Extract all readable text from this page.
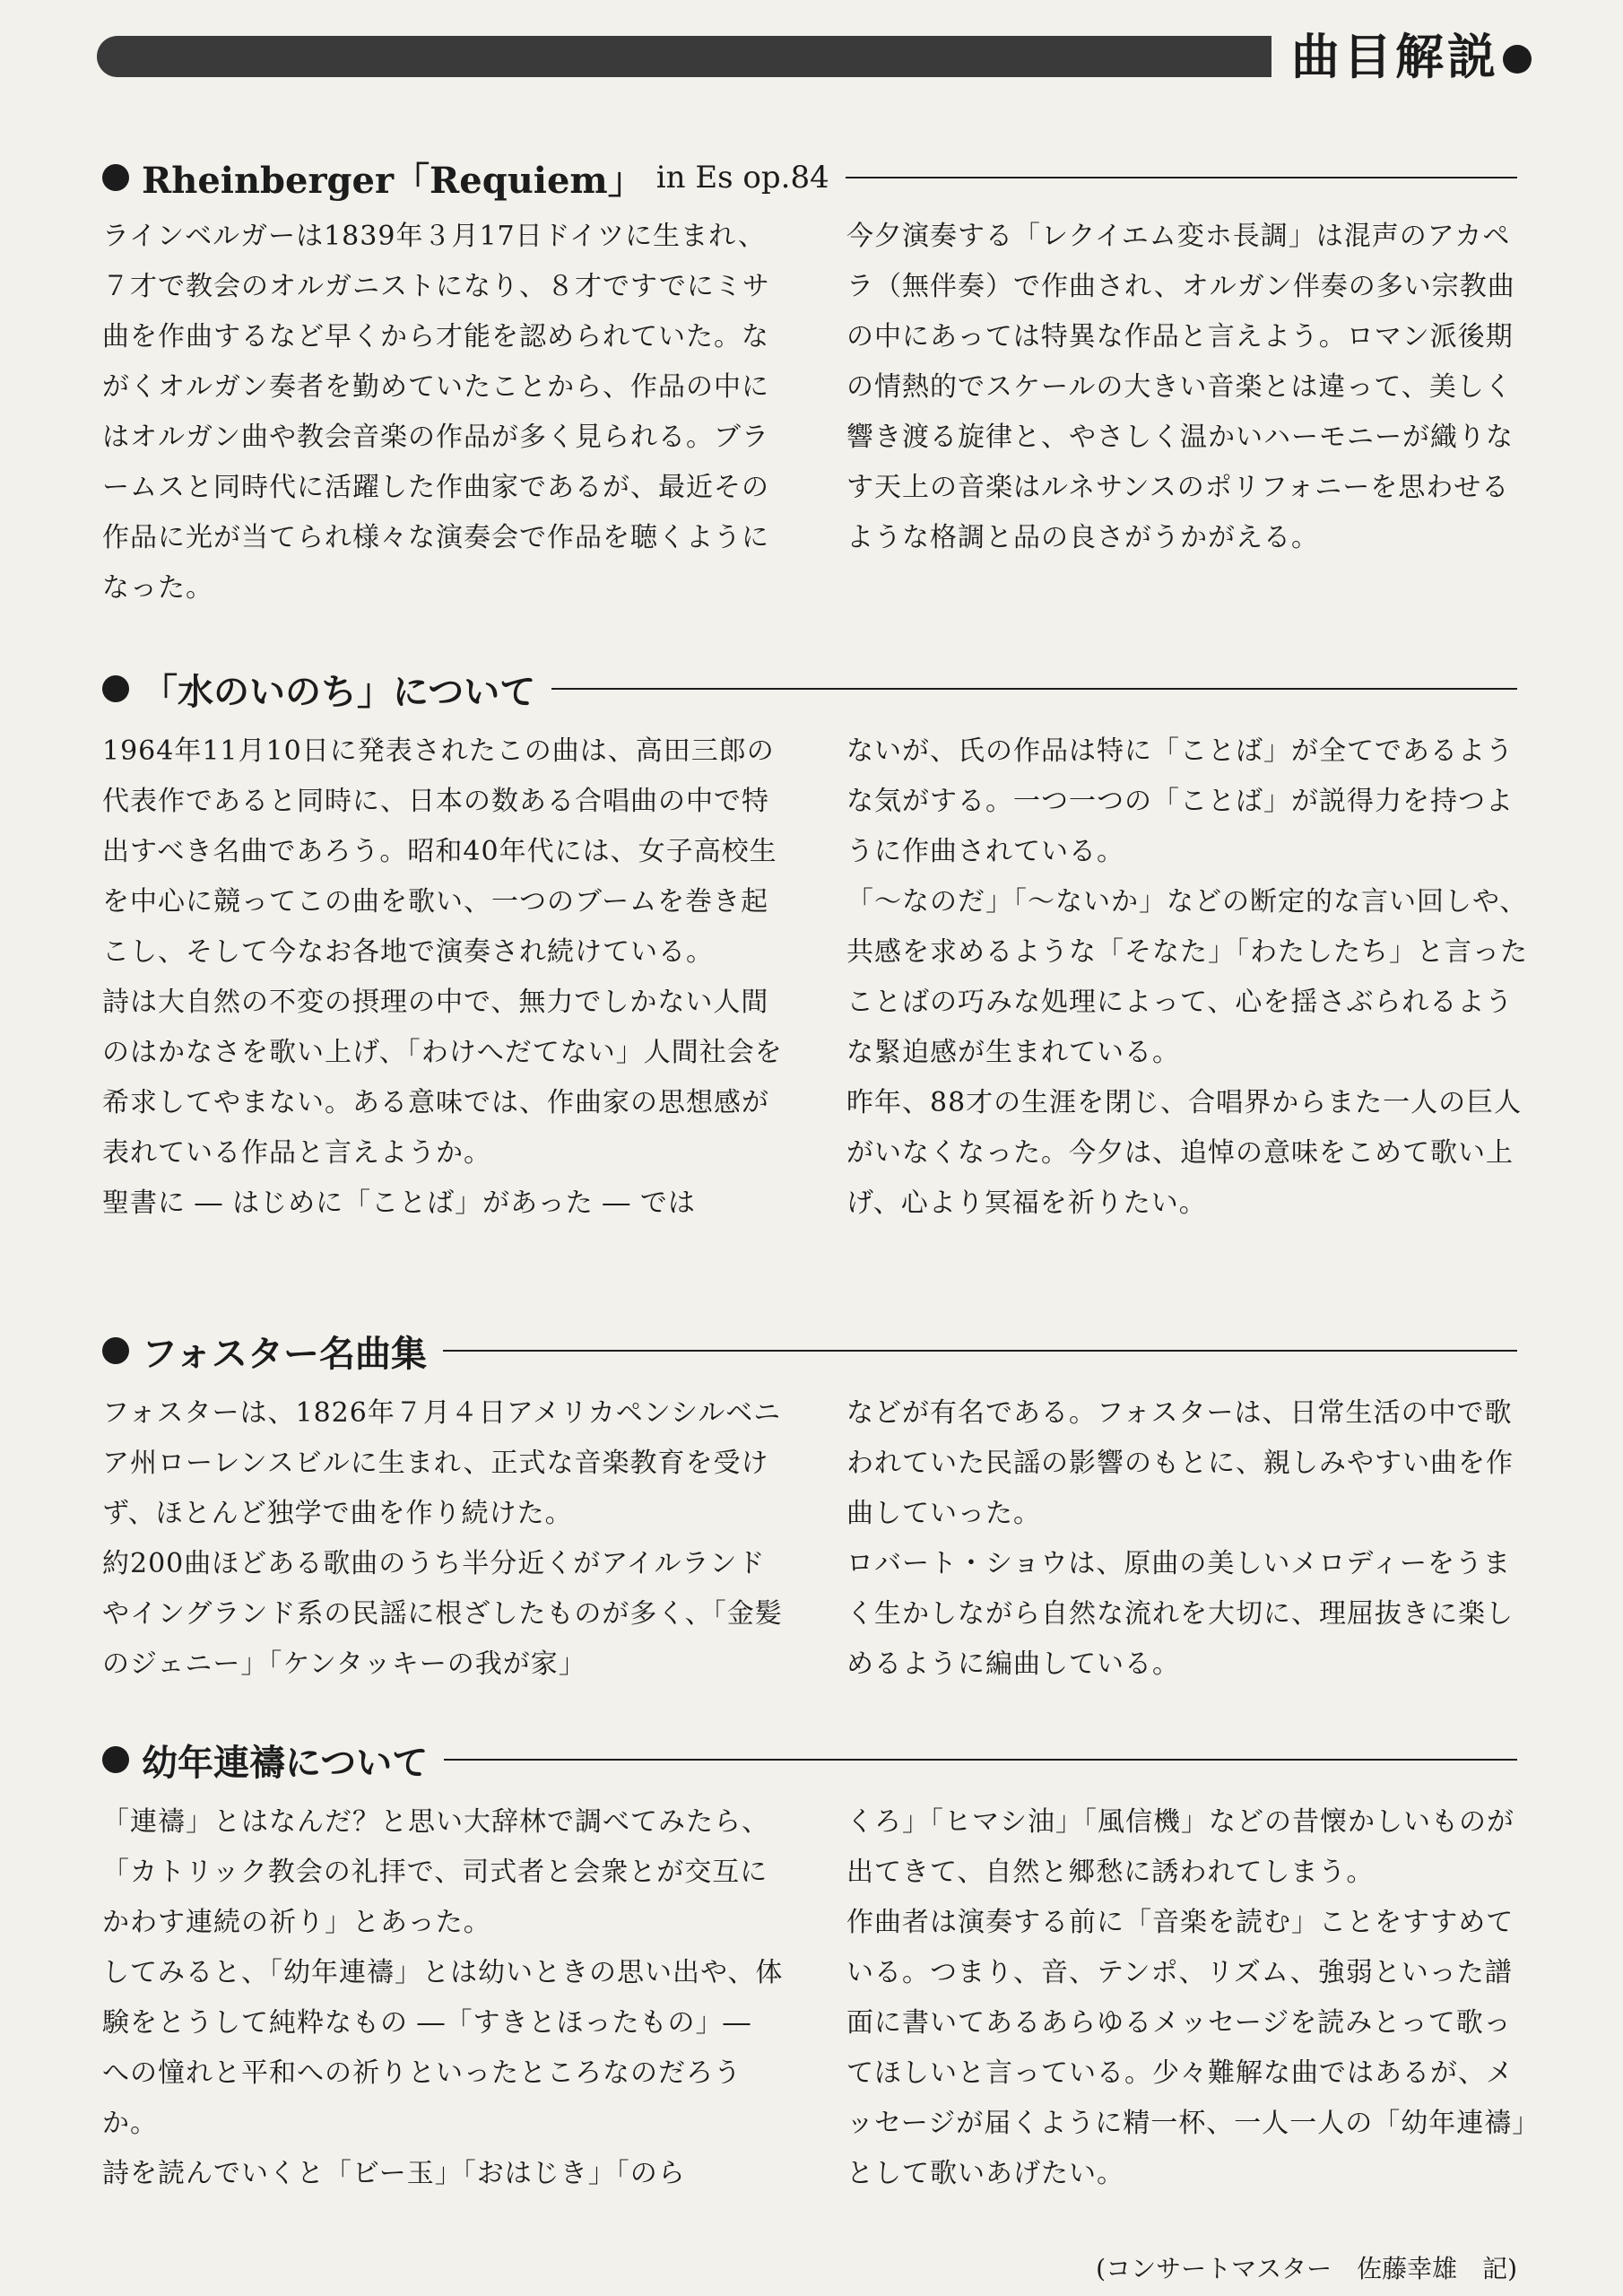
曲目解説
Rheinberger「Requiem」 in Es op.84

ラインベルガーは1839年３月17日ドイツに生まれ、７才で教会のオルガニストになり、８才ですでにミサ曲を作曲するなど早くから才能を認められていた。ながくオルガン奏者を勤めていたことから、作品の中にはオルガン曲や教会音楽の作品が多く見られる。ブラームスと同時代に活躍した作曲家であるが、最近その作品に光が当てられ様々な演奏会で作品を聴くようになった。

今夕演奏する「レクイエム変ホ長調」は混声のアカペラ（無伴奏）で作曲され、オルガン伴奏の多い宗教曲の中にあっては特異な作品と言えよう。ロマン派後期の情熱的でスケールの大きい音楽とは違って、美しく響き渡る旋律と、やさしく温かいハーモニーが織りなす天上の音楽はルネサンスのポリフォニーを思わせるような格調と品の良さがうかがえる。

「水のいのち」について

1964年11月10日に発表されたこの曲は、高田三郎の代表作であると同時に、日本の数ある合唱曲の中で特出すべき名曲であろう。昭和40年代には、女子高校生を中心に競ってこの曲を歌い、一つのブームを巻き起こし、そして今なお各地で演奏され続けている。

詩は大自然の不変の摂理の中で、無力でしかない人間のはかなさを歌い上げ、「わけへだてない」人間社会を希求してやまない。ある意味では、作曲家の思想感が表れている作品と言えようか。

聖書に ― はじめに「ことば」があった ― では

ないが、氏の作品は特に「ことば」が全てであるような気がする。一つ一つの「ことば」が説得力を持つように作曲されている。

「～なのだ」「～ないか」などの断定的な言い回しや、共感を求めるような「そなた」「わたしたち」と言ったことばの巧みな処理によって、心を揺さぶられるような緊迫感が生まれている。

昨年、88才の生涯を閉じ、合唱界からまた一人の巨人がいなくなった。今夕は、追悼の意味をこめて歌い上げ、心より冥福を祈りたい。

フォスター名曲集

フォスターは、1826年７月４日アメリカペンシルベニア州ローレンスビルに生まれ、正式な音楽教育を受けず、ほとんど独学で曲を作り続けた。

約200曲ほどある歌曲のうち半分近くがアイルランドやイングランド系の民謡に根ざしたものが多く、「金髪のジェニー」「ケンタッキーの我が家」

などが有名である。フォスターは、日常生活の中で歌われていた民謡の影響のもとに、親しみやすい曲を作曲していった。

ロバート・ショウは、原曲の美しいメロディーをうまく生かしながら自然な流れを大切に、理屈抜きに楽しめるように編曲している。

幼年連禱について

「連禱」とはなんだ？と思い大辞林で調べてみたら、「カトリック教会の礼拝で、司式者と会衆とが交互にかわす連続の祈り」とあった。

してみると、「幼年連禱」とは幼いときの思い出や、体験をとうして純粋なもの ―「すきとほったもの」― への憧れと平和への祈りといったところなのだろうか。

詩を読んでいくと「ビー玉」「おはじき」「のら

くろ」「ヒマシ油」「風信機」などの昔懐かしいものが出てきて、自然と郷愁に誘われてしまう。

作曲者は演奏する前に「音楽を読む」ことをすすめている。つまり、音、テンポ、リズム、強弱といった譜面に書いてあるあらゆるメッセージを読みとって歌ってほしいと言っている。少々難解な曲ではあるが、メッセージが届くように精一杯、一人一人の「幼年連禱」として歌いあげたい。

(コンサートマスター　佐藤幸雄　記)
